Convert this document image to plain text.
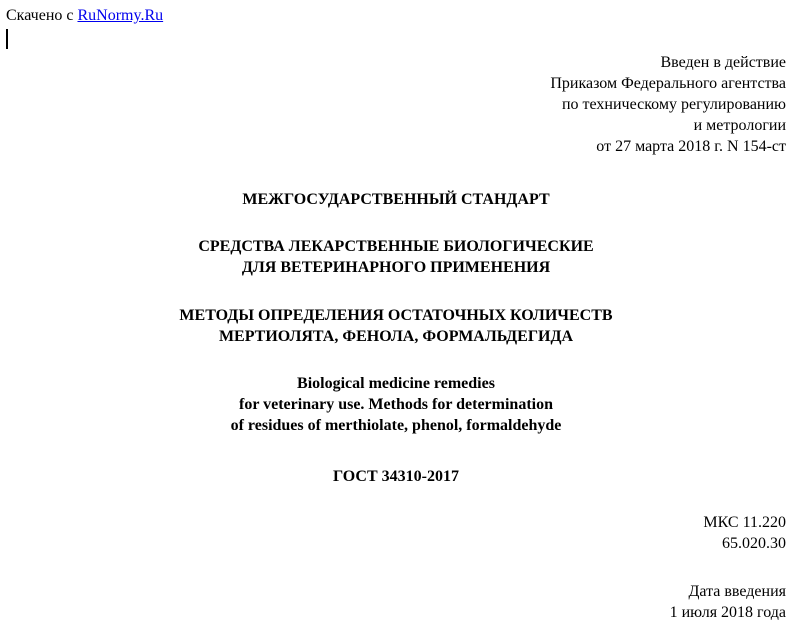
Скачено с RuNormy.Ru
Введен в действие
Приказом Федерального агентства
по техническому регулированию
и метрологии
от 27 марта 2018 г. N 154-ст
МЕЖГОСУДАРСТВЕННЫЙ СТАНДАРТ
СРЕДСТВА ЛЕКАРСТВЕННЫЕ БИОЛОГИЧЕСКИЕ
ДЛЯ ВЕТЕРИНАРНОГО ПРИМЕНЕНИЯ
МЕТОДЫ ОПРЕДЕЛЕНИЯ ОСТАТОЧНЫХ КОЛИЧЕСТВ
МЕРТИОЛЯТА, ФЕНОЛА, ФОРМАЛЬДЕГИДА
Biological medicine remedies
for veterinary use. Methods for determination
of residues of merthiolate, phenol, formaldehyde
ГОСТ 34310-2017
МКС 11.220
65.020.30
Дата введения
1 июля 2018 года
